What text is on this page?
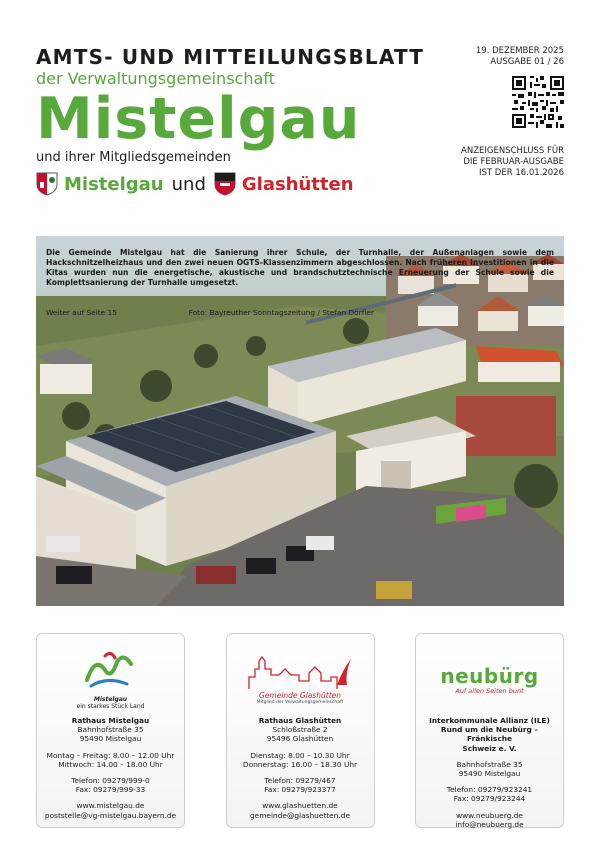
AMTS- UND MITTEILUNGSBLATT
der Verwaltungsgemeinschaft
Mistelgau
und ihrer Mitgliedsgemeinden
Mistelgau und Glashütten
19. DEZEMBER 2025
AUSGABE 01 / 26
ANZEIGENSCHLUSS FÜR
DIE FEBRUAR-AUSGABE
IST DER 16.01.2026
Die Gemeinde Mistelgau hat die Sanierung ihrer Schule, der Turnhalle, der Außenanlagen sowie dem Hackschnitzelheizhaus und den zwei neuen OGTS-Klassenzimmern abgeschlossen. Nach früheren Investitionen in die Kitas wurden nun die energetische, akustische und brandschutztechnische Erneuerung der Schule sowie die Komplettsanierung der Turnhalle umgesetzt.
Weiter auf Seite 15	Foto: Bayreuther Sonntagszeitung / Stefan Dörfler
Mistelgau
ein starkes Stück Land
Rathaus Mistelgau
Bahnhofstraße 35
95490 Mistelgau
Montag – Freitag: 8.00 – 12.00 Uhr
Mittwoch: 14.00 – 18.00 Uhr
Telefon: 09279/999-0
Fax: 09279/999-33
www.mistelgau.de
poststelle@vg-mistelgau.bayern.de
Gemeinde Glashütten
Mitglied der Verwaltungsgemeinschaft
Rathaus Glashütten
Schloßstraße 2
95496 Glashütten
Dienstag: 8.00 – 10.30 Uhr
Donnerstag: 16.00 – 18.30 Uhr
Telefon: 09279/467
Fax: 09279/923377
www.glashuetten.de
gemeinde@glashuetten.de
neubürg
Auf allen Seiten bunt
Interkommunale Allianz (ILE)
Rund um die Neubürg – Fränkische
Schweiz e. V.
Bahnhofstraße 35
95490 Mistelgau
Telefon: 09279/923241
Fax: 09279/923244
www.neubuerg.de
info@neubuerg.de
